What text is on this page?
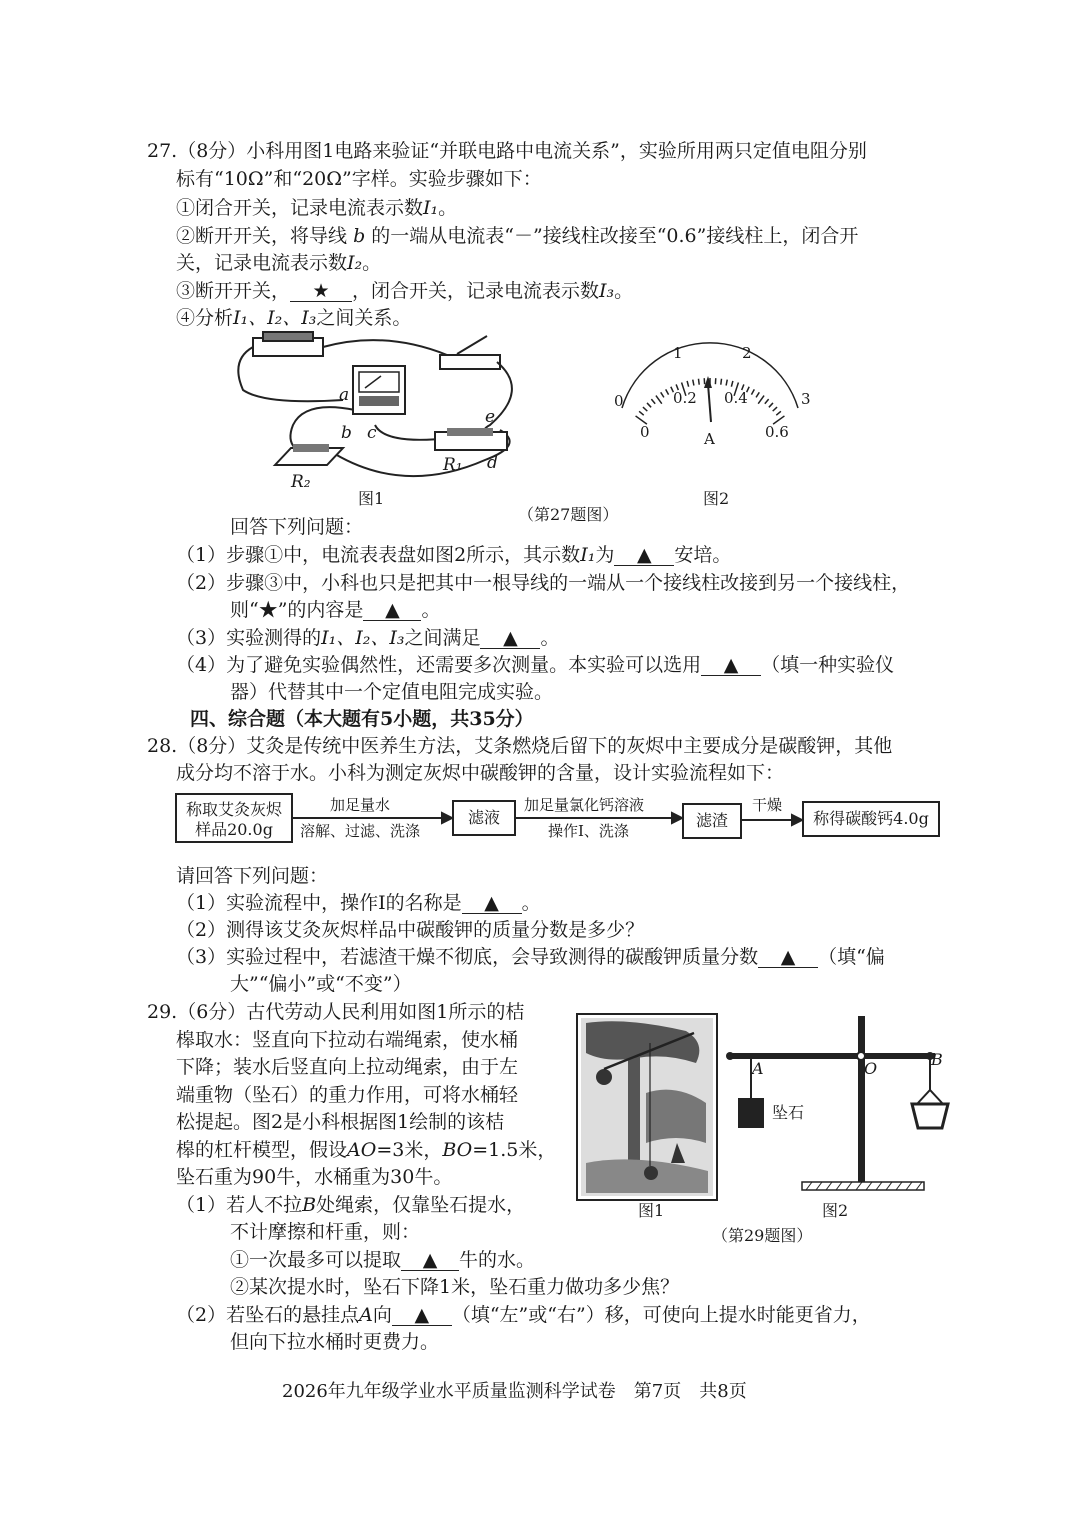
27.（8分）小科用图1电路来验证“并联电路中电流关系”，实验所用两只定值电阻分别
标有“10Ω”和“20Ω”字样。实验步骤如下：
①闭合开关，记录电流表示数I₁。
②断开开关，将导线 b 的一端从电流表“－”接线柱改接至“0.6”接线柱上，闭合开
关，记录电流表示数I₂。
③断开开关， ★ ，闭合开关，记录电流表示数I₃。
④分析I₁、I₂、I₃之间关系。
a
b c
d
e
R₁
R₂
图1
（第27题图）
0
1	2
3
0.2 0.4
0	0.6
A
图2
回答下列问题：
（1）步骤①中，电流表表盘如图2所示，其示数I₁为 ▲ 安培。
（2）步骤③中，小科也只是把其中一根导线的一端从一个接线柱改接到另一个接线柱，
则“★”的内容是 ▲ 。
（3）实验测得的I₁、I₂、I₃之间满足 ▲ 。
（4）为了避免实验偶然性，还需要多次测量。本实验可以选用 ▲ （填一种实验仪
器）代替其中一个定值电阻完成实验。
四、综合题（本大题有5小题，共35分）
28.（8分）艾灸是传统中医养生方法，艾条燃烧后留下的灰烬中主要成分是碳酸钾，其他
成分均不溶于水。小科为测定灰烬中碳酸钾的含量，设计实验流程如下：
称取艾灸灰烬
样品20.0g
加足量水
溶解、过滤、洗涤
滤液
加足量氯化钙溶液
操作I、洗涤
滤渣
干燥
称得碳酸钙4.0g
请回答下列问题：
（1）实验流程中，操作I的名称是 ▲ 。
（2）测得该艾灸灰烬样品中碳酸钾的质量分数是多少？
（3）实验过程中，若滤渣干燥不彻底，会导致测得的碳酸钾质量分数 ▲ （填“偏
大”“偏小”或“不变”）
29.（6分）古代劳动人民利用如图1所示的桔
槔取水：竖直向下拉动右端绳索，使水桶
下降；装水后竖直向上拉动绳索，由于左
端重物（坠石）的重力作用，可将水桶轻
松提起。图2是小科根据图1绘制的该桔
槔的杠杆模型，假设AO=3米，BO=1.5米，
坠石重为90牛，水桶重为30牛。
（1）若人不拉B处绳索，仅靠坠石提水，
不计摩擦和杆重，则：
①一次最多可以提取 ▲ 牛的水。
②某次提水时，坠石下降1米，坠石重力做功多少焦？
（2）若坠石的悬挂点A向 ▲ （填“左”或“右”）移，可使向上提水时能更省力，
但向下拉水桶时更费力。
图1
A	O	B
坠石
图2
（第29题图）
2026年九年级学业水平质量监测科学试卷　第7页　共8页
